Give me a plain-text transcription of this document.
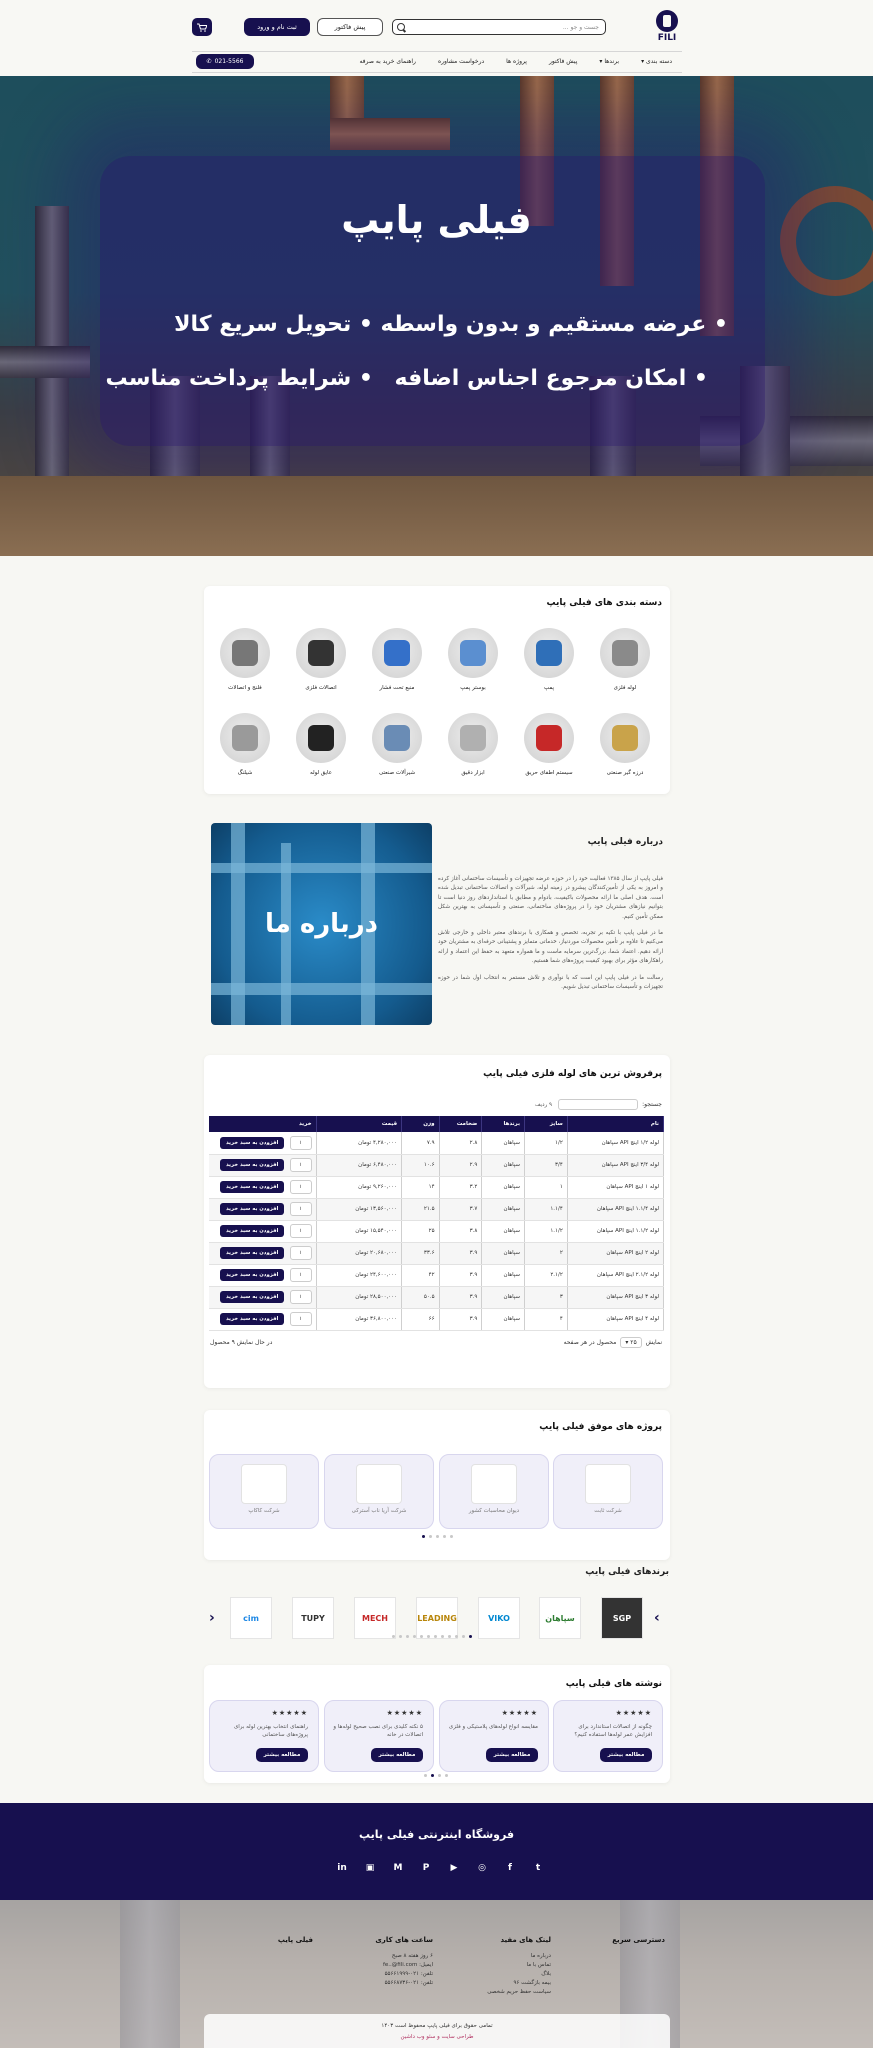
FILI
جست و جو ...
پیش فاکتور
ثبت نام و ورود
دسته بندی ▾
برندها ▾
پیش فاکتور
پروژه ها
درخواست مشاوره
راهنمای خرید به صرفه
✆ 021-5566
فیلی پایپ
• عرضه مستقیم و بدون واسطه
• تحویل سریع کالا
• امکان مرجوع اجناس اضافه
• شرایط پرداخت مناسب
دسته بندی های فیلی پایپ
لوله فلزی
پمپ
بوستر پمپ
منبع تحت فشار
اتصالات فلزی
فلنج و اتصالات
درزه گیر صنعتی
سیستم اطفای حریق
ابزار دقیق
شیرآلات صنعتی
عایق لوله
شیلنگ
درباره ما
درباره فیلی پایپ

فیلی پایپ از سال ۱۳۸۵ فعالیت خود را در حوزه عرضه تجهیزات و تأسیسات ساختمانی آغاز کرده و امروز به یکی از تأمین‌کنندگان پیشرو در زمینه لوله، شیرآلات و اتصالات ساختمانی تبدیل شده است. هدف اصلی ما ارائه محصولات باکیفیت، بادوام و مطابق با استانداردهای روز دنیا است تا بتوانیم نیازهای مشتریان خود را در پروژه‌های ساختمانی، صنعتی و تأسیساتی به بهترین شکل ممکن تأمین کنیم.

ما در فیلی پایپ با تکیه بر تجربه، تخصص و همکاری با برندهای معتبر داخلی و خارجی تلاش می‌کنیم تا علاوه بر تأمین محصولات موردنیاز، خدماتی متمایز و پشتیبانی حرفه‌ای به مشتریان خود ارائه دهیم. اعتماد شما، بزرگ‌ترین سرمایه ماست و ما همواره متعهد به حفظ این اعتماد و ارائه راهکارهای مؤثر برای بهبود کیفیت پروژه‌های شما هستیم.

رسالت ما در فیلی پایپ این است که با نوآوری و تلاش مستمر به انتخاب اول شما در حوزه تجهیزات و تأسیسات ساختمانی تبدیل شویم.

پرفروش ترین های لوله فلزی فیلی پایپ
جستجو:
۹ ردیف
نام	سایز	برندها	ضخامت	وزن	قیمت	خرید
لوله ۱/۲ اینچ API سپاهان	۱/۲	سپاهان	۲.۸	۷.۹	۴,۲۸۰,۰۰۰ تومان	۱   افزودن به سبد خرید
لوله ۳/۴ اینچ API سپاهان	۳/۴	سپاهان	۲.۹	۱۰.۶	۶,۴۸۰,۰۰۰ تومان	۱   افزودن به سبد خرید
لوله ۱ اینچ API سپاهان	۱	سپاهان	۳.۲	۱۴	۹,۲۶۰,۰۰۰ تومان	۱   افزودن به سبد خرید
لوله ۱.۱/۴ اینچ API سپاهان	۱.۱/۴	سپاهان	۳.۷	۲۱.۵	۱۳,۵۶۰,۰۰۰ تومان	۱   افزودن به سبد خرید
لوله ۱.۱/۲ اینچ API سپاهان	۱.۱/۲	سپاهان	۳.۸	۲۵	۱۵,۵۴۰,۰۰۰ تومان	۱   افزودن به سبد خرید
لوله ۲ اینچ API سپاهان	۲	سپاهان	۳.۹	۳۳.۶	۲۰,۶۸۰,۰۰۰ تومان	۱   افزودن به سبد خرید
لوله ۲.۱/۲ اینچ API سپاهان	۲.۱/۲	سپاهان	۳.۹	۴۲	۲۴,۶۰۰,۰۰۰ تومان	۱   افزودن به سبد خرید
لوله ۳ اینچ API سپاهان	۳	سپاهان	۳.۹	۵۰.۵	۲۸,۵۰۰,۰۰۰ تومان	۱   افزودن به سبد خرید
لوله ۴ اینچ API سپاهان	۴	سپاهان	۳.۹	۶۶	۳۶,۸۰۰,۰۰۰ تومان	۱   افزودن به سبد خرید
نمایش
۲۵ ▾
محصول در هر صفحه
در حال نمایش ۹ محصول
پروژه های موفق فیلی پایپ
شرکت ثابت
دیوان محاسبات کشور
شرکت آریا ناب آسترکی
شرکت کاکاپ
برندهای فیلی پایپ
›
‹	SGP
سپاهان
VIKO
LEADING
MECH
TUPY
cim
نوشته های فیلی پایپ
★★★★★
چگونه از اتصالات استاندارد برای افزایش عمر لوله‌ها استفاده کنیم؟
مطالعه بیشتر
★★★★★
مقایسه انواع لوله‌های پلاستیکی و فلزی
مطالعه بیشتر
★★★★★
۵ نکته کلیدی برای نصب صحیح لوله‌ها و اتصالات در خانه
مطالعه بیشتر
★★★★★
راهنمای انتخاب بهترین لوله برای پروژه‌های ساختمانی
مطالعه بیشتر
فروشگاه اینترنتی فیلی پایپ
in	▣	M	P	▶	◎	f	t
فیلی پایپ	ساعت های کاری
۶ روز هفته ۸ صبح
ایمیل: fe..@fili.com
تلفن: ۰۲۱-۵۵۶۶۱۹۹۹
تلفن: ۰۲۱-۵۵۶۶۸۷۳۶
لینک های مفید
درباره ما
تماس با ما
بلاگ
بیمه بازگشت ۹۶
سیاست حفظ حریم شخصی
دسترسی سریع
تمامی حقوق برای فیلی پایپ محفوظ است ۱۴۰۳
طراحی سایت و سئو وب داشین
